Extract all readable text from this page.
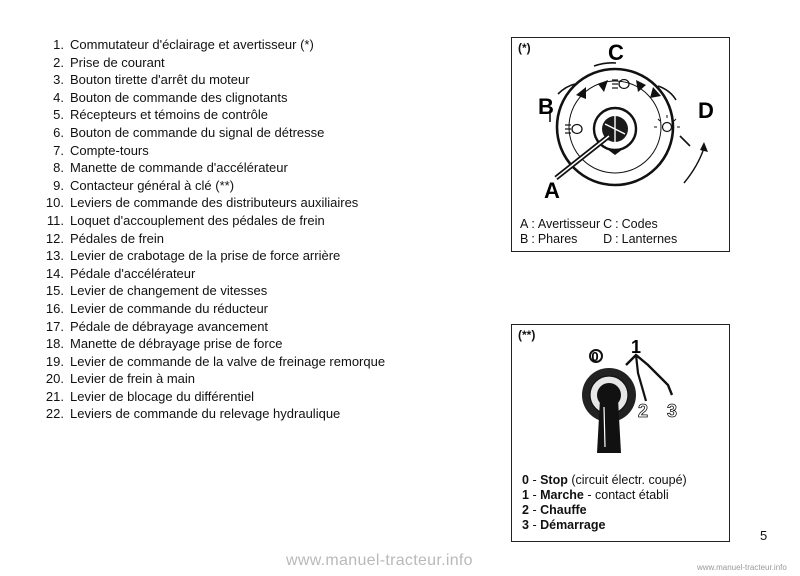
1. Commutateur d'éclairage et avertisseur (*)
2. Prise de courant
3. Bouton tirette d'arrêt du moteur
4. Bouton de commande des clignotants
5. Récepteurs et témoins de contrôle
6. Bouton de commande du signal de détresse
7. Compte-tours
8. Manette de commande d'accélérateur
9. Contacteur général à clé (**)
10. Leviers de commande des distributeurs auxiliaires
11. Loquet d'accouplement des pédales de frein
12. Pédales de frein
13. Levier de crabotage de la prise de force arrière
14. Pédale d'accélérateur
15. Levier de changement de vitesses
16. Levier de commande du réducteur
17. Pédale de débrayage avancement
18. Manette de débrayage prise de force
19. Levier de commande de la valve de freinage remorque
20. Levier de frein à main
21. Levier de blocage du différentiel
22. Leviers de commande du relevage hydraulique
(*)	C
B	D
A
A	:	Avertisseur	C	:	Codes
B	:	Phares	D	:	Lanternes
(**)
0 1
2 3
0 - Stop (circuit électr. coupé)
1 - Marche - contact établi
2 - Chauffe
3 - Démarrage
5
www.manuel-tracteur.info	www.manuel-tracteur.info
